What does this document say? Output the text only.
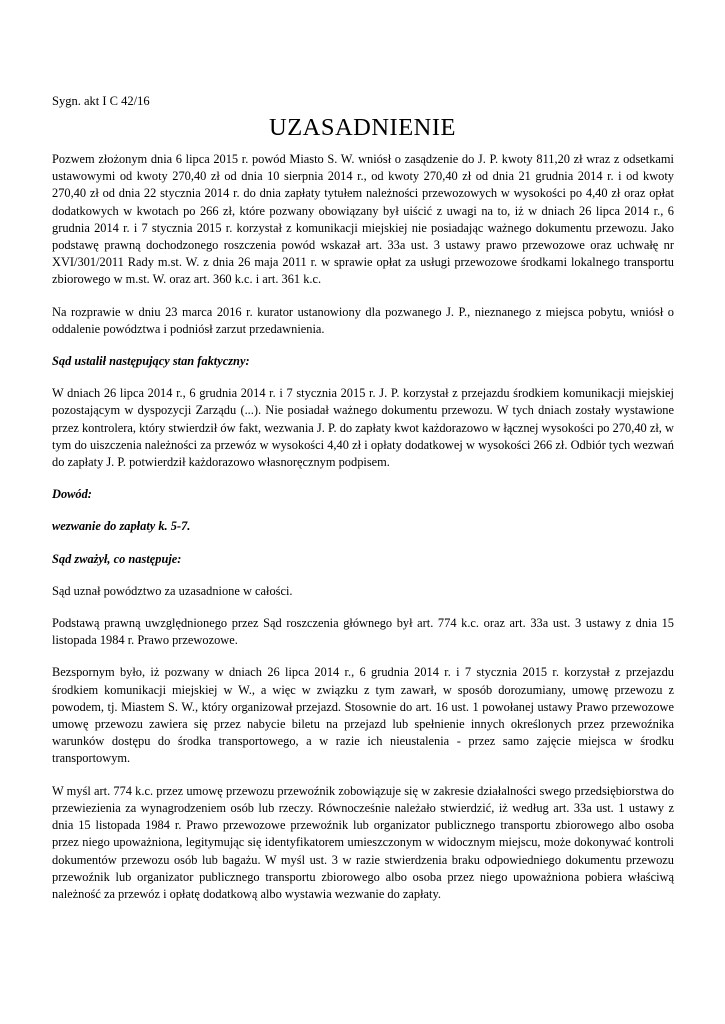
Sygn. akt I C 42/16
UZASADNIENIE

Pozwem złożonym dnia 6 lipca 2015 r. powód Miasto S. W. wniósł o zasądzenie do J. P. kwoty 811,20 zł wraz z odsetkami ustawowymi od kwoty 270,40 zł od dnia 10 sierpnia 2014 r., od kwoty 270,40 zł od dnia 21 grudnia 2014 r. i od kwoty 270,40 zł od dnia 22 stycznia 2014 r. do dnia zapłaty tytułem należności przewozowych w wysokości po 4,40 zł oraz opłat dodatkowych w kwotach po 266 zł, które pozwany obowiązany był uiścić z uwagi na to, iż w dniach 26 lipca 2014 r., 6 grudnia 2014 r. i 7 stycznia 2015 r. korzystał z komunikacji miejskiej nie posiadając ważnego dokumentu przewozu. Jako podstawę prawną dochodzonego roszczenia powód wskazał art. 33a ust. 3 ustawy prawo przewozowe oraz uchwałę nr XVI/301/2011 Rady m.st. W. z dnia 26 maja 2011 r. w sprawie opłat za usługi przewozowe środkami lokalnego transportu zbiorowego w m.st. W. oraz art. 360 k.c. i art. 361 k.c.

Na rozprawie w dniu 23 marca 2016 r. kurator ustanowiony dla pozwanego J. P., nieznanego z miejsca pobytu, wniósł o oddalenie powództwa i podniósł zarzut przedawnienia.

Sąd ustalił następujący stan faktyczny:

W dniach 26 lipca 2014 r., 6 grudnia 2014 r. i 7 stycznia 2015 r. J. P. korzystał z przejazdu środkiem komunikacji miejskiej pozostającym w dyspozycji Zarządu (...). Nie posiadał ważnego dokumentu przewozu. W tych dniach zostały wystawione przez kontrolera, który stwierdził ów fakt, wezwania J. P. do zapłaty kwot każdorazowo w łącznej wysokości po 270,40 zł, w tym do uiszczenia należności za przewóz w wysokości 4,40 zł i opłaty dodatkowej w wysokości 266 zł. Odbiór tych wezwań do zapłaty J. P. potwierdził każdorazowo własnoręcznym podpisem.

Dowód:

wezwanie do zapłaty k. 5-7.

Sąd zważył, co następuje:

Sąd uznał powództwo za uzasadnione w całości.

Podstawą prawną uwzględnionego przez Sąd roszczenia głównego był art. 774 k.c. oraz art. 33a ust. 3 ustawy z dnia 15 listopada 1984 r. Prawo przewozowe.

Bezspornym było, iż pozwany w dniach 26 lipca 2014 r., 6 grudnia 2014 r. i 7 stycznia 2015 r. korzystał z przejazdu środkiem komunikacji miejskiej w W., a więc w związku z tym zawarł, w sposób dorozumiany, umowę przewozu z powodem, tj. Miastem S. W., który organizował przejazd. Stosownie do art. 16 ust. 1 powołanej ustawy Prawo przewozowe umowę przewozu zawiera się przez nabycie biletu na przejazd lub spełnienie innych określonych przez przewoźnika warunków dostępu do środka transportowego, a w razie ich nieustalenia - przez samo zajęcie miejsca w środku transportowym.

W myśl art. 774 k.c. przez umowę przewozu przewoźnik zobowiązuje się w zakresie działalności swego przedsiębiorstwa do przewiezienia za wynagrodzeniem osób lub rzeczy. Równocześnie należało stwierdzić, iż według art. 33a ust. 1 ustawy z dnia 15 listopada 1984 r. Prawo przewozowe przewoźnik lub organizator publicznego transportu zbiorowego albo osoba przez niego upoważniona, legitymując się identyfikatorem umieszczonym w widocznym miejscu, może dokonywać kontroli dokumentów przewozu osób lub bagażu. W myśl ust. 3 w razie stwierdzenia braku odpowiedniego dokumentu przewozu przewoźnik lub organizator publicznego transportu zbiorowego albo osoba przez niego upoważniona pobiera właściwą należność za przewóz i opłatę dodatkową albo wystawia wezwanie do zapłaty.
